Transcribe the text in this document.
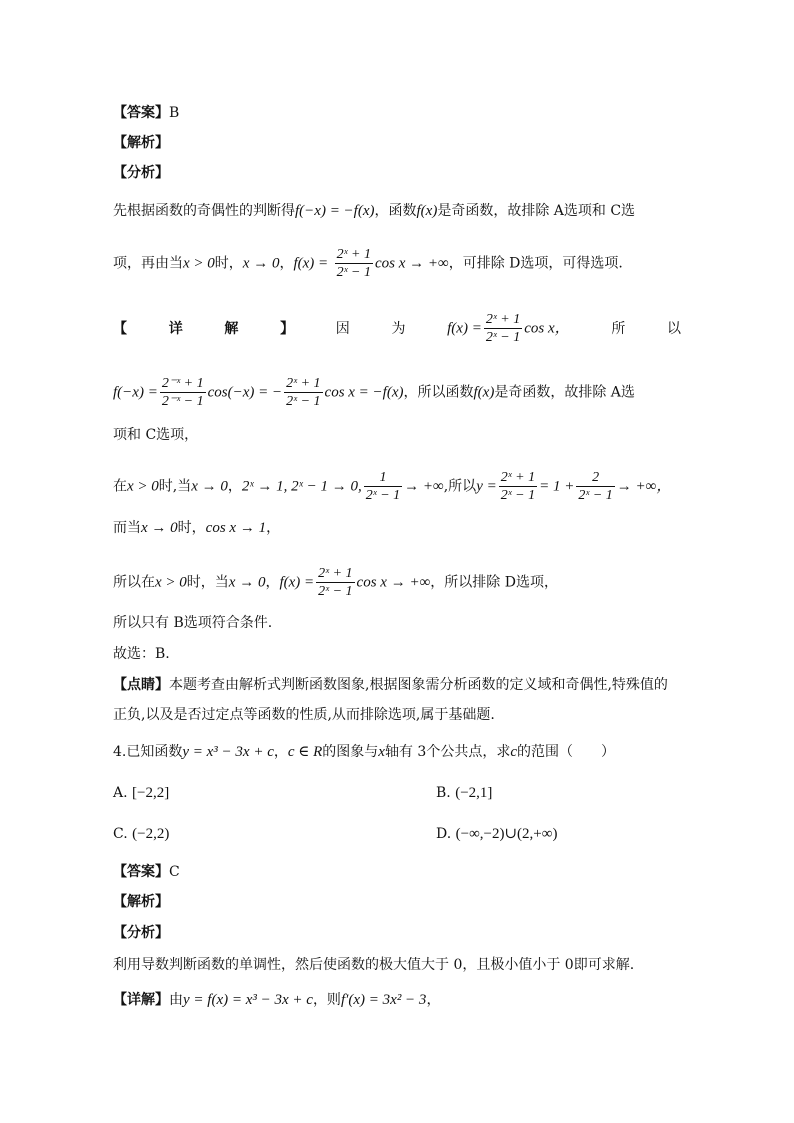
【答案】B
【解析】
【分析】
先根据函数的奇偶性的判断得f(−x) = −f(x)，函数f(x)是奇函数，故排除 A选项和 C选
项，再由当x > 0时，x → 0，$f(x) = \frac{\text{2ˣ + 1}}{\text{2ˣ − 1}}$ cos x → +∞，可排除 D选项，可得选项.
【	详	解	】	因	为	$f(x) = \frac{\text{2ˣ + 1}}{\text{2ˣ − 1}}$ cos x，	所	以
$f(-x) = \frac{\text{2⁻ˣ + 1}}{\text{2⁻ˣ − 1}} \cos(-x)$ = − $\frac{\text{2ˣ + 1}}{\text{2ˣ − 1}}$ cos x = −f(x)，所以函数f(x)是奇函数，故排除 A选
项和 C选项，
在x > 0时,当x → 0，2ˣ → 1, 2ˣ − 1 → 0, $\frac{1}{\text{2ˣ − 1}}$ → +∞,所以$y = \frac{\text{2ˣ + 1}}{\text{2ˣ − 1}} = 1 + \frac{2}{\text{2ˣ − 1}}$ → +∞，
而当x → 0时，cos x → 1，
所以在x > 0时，当x → 0，$f(x) = \frac{\text{2ˣ + 1}}{\text{2ˣ − 1}}$ cos x → +∞，所以排除 D选项，
所以只有 B选项符合条件.
故选：B.
【点睛】本题考查由解析式判断函数图象,根据图象需分析函数的定义域和奇偶性,特殊值的
正负,以及是否过定点等函数的性质,从而排除选项,属于基础题.
4.已知函数y = x³ − 3x + c，c ∈ R的图象与x轴有 3个公共点，求c的范围（　　）
A. [−2,2]	B. (−2,1]
C. (−2,2)	D. (−∞,−2)∪(2,+∞)
【答案】C
【解析】
【分析】
利用导数判断函数的单调性，然后使函数的极大值大于 0，且极小值小于 0即可求解.
【详解】由y = f(x) = x³ − 3x + c，则f′(x) = 3x² − 3，
